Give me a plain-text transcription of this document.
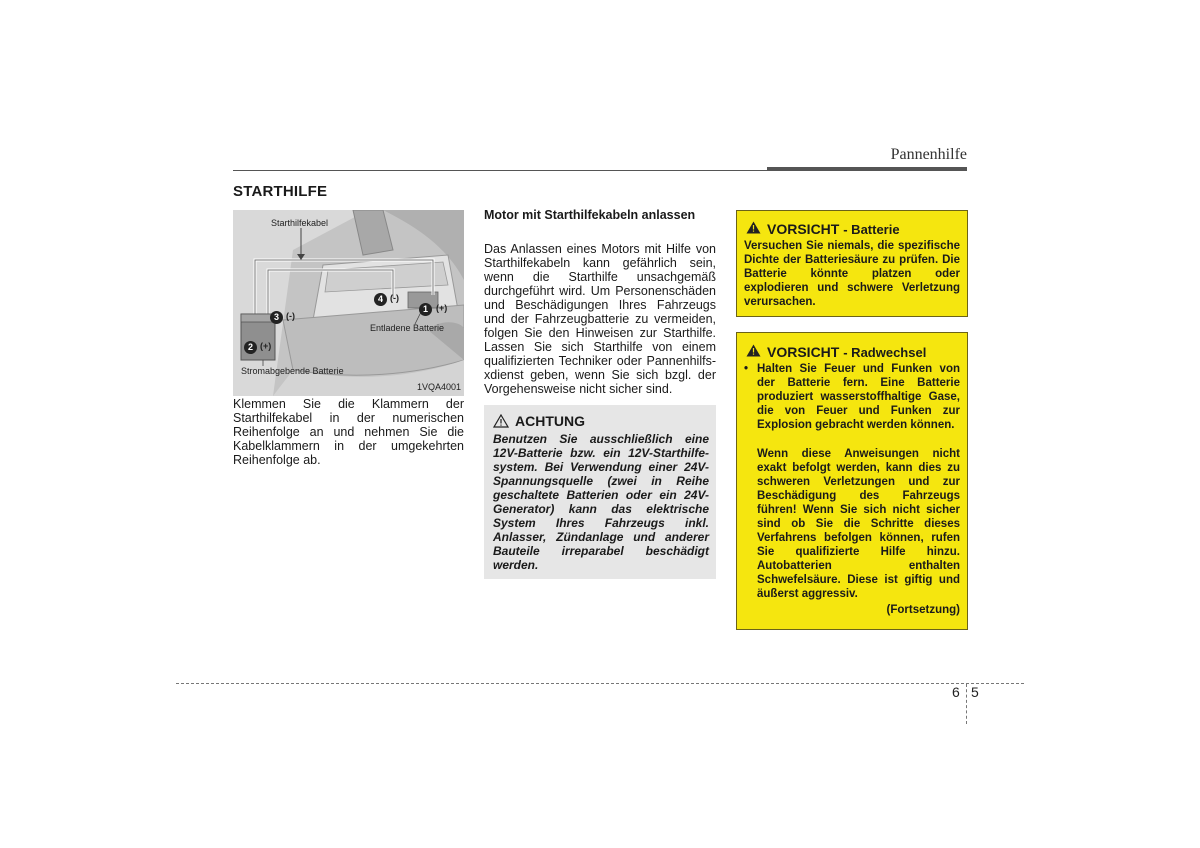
Pannenhilfe
STARTHILFE
Starthilfekabel
Entladene Batterie
Stromabgebende Batterie
1VQA4001
1 (+)
2 (+)
3 (-)
4 (-)
Klemmen Sie die Klammern der Starthilfekabel in der numerischen Reihenfolge an und nehmen Sie die Kabelklammern in der umgekehrten Reihenfolge ab.
Motor mit Starthilfekabeln anlassen
Das Anlassen eines Motors mit Hilfe von Starthilfekabeln kann gefährlich sein, wenn die Starthilfe unsachgemäß durchgeführt wird. Um Personenschäden und Beschädigungen Ihres Fahrzeugs und der Fahrzeugbatterie zu vermeiden, folgen Sie den Hinweisen zur Starthilfe. Lassen Sie sich Starthilfe von einem qualifizierten Techniker oder Pannenhilfs-xdienst geben, wenn Sie sich bzgl. der Vorgehensweise nicht sicher sind.
ACHTUNG
Benutzen Sie ausschließlich eine 12V-Batterie bzw. ein 12V-Starthilfe-system. Bei Verwendung einer 24V-Spannungsquelle (zwei in Reihe geschaltete Batterien oder ein 24V-Generator) kann das elektrische System Ihres Fahrzeugs inkl. Anlasser, Zündanlage und anderer Bauteile irreparabel beschädigt werden.
VORSICHT - Batterie
Versuchen Sie niemals, die spezifische Dichte der Batteriesäure zu prüfen. Die Batterie könnte platzen oder explodieren und schwere Verletzung verursachen.
VORSICHT - Radwechsel
• Halten Sie Feuer und Funken von der Batterie fern. Eine Batterie produziert wasserstoffhaltige Gase, die von Feuer und Funken zur Explosion gebracht werden können.
Wenn diese Anweisungen nicht exakt befolgt werden, kann dies zu schweren Verletzungen und zur Beschädigung des Fahrzeugs führen! Wenn Sie sich nicht sicher sind ob Sie die Schritte dieses Verfahrens befolgen können, rufen Sie qualifizierte Hilfe hinzu. Autobatterien enthalten Schwefelsäure. Diese ist giftig und äußerst aggressiv.
(Fortsetzung)
6 5
